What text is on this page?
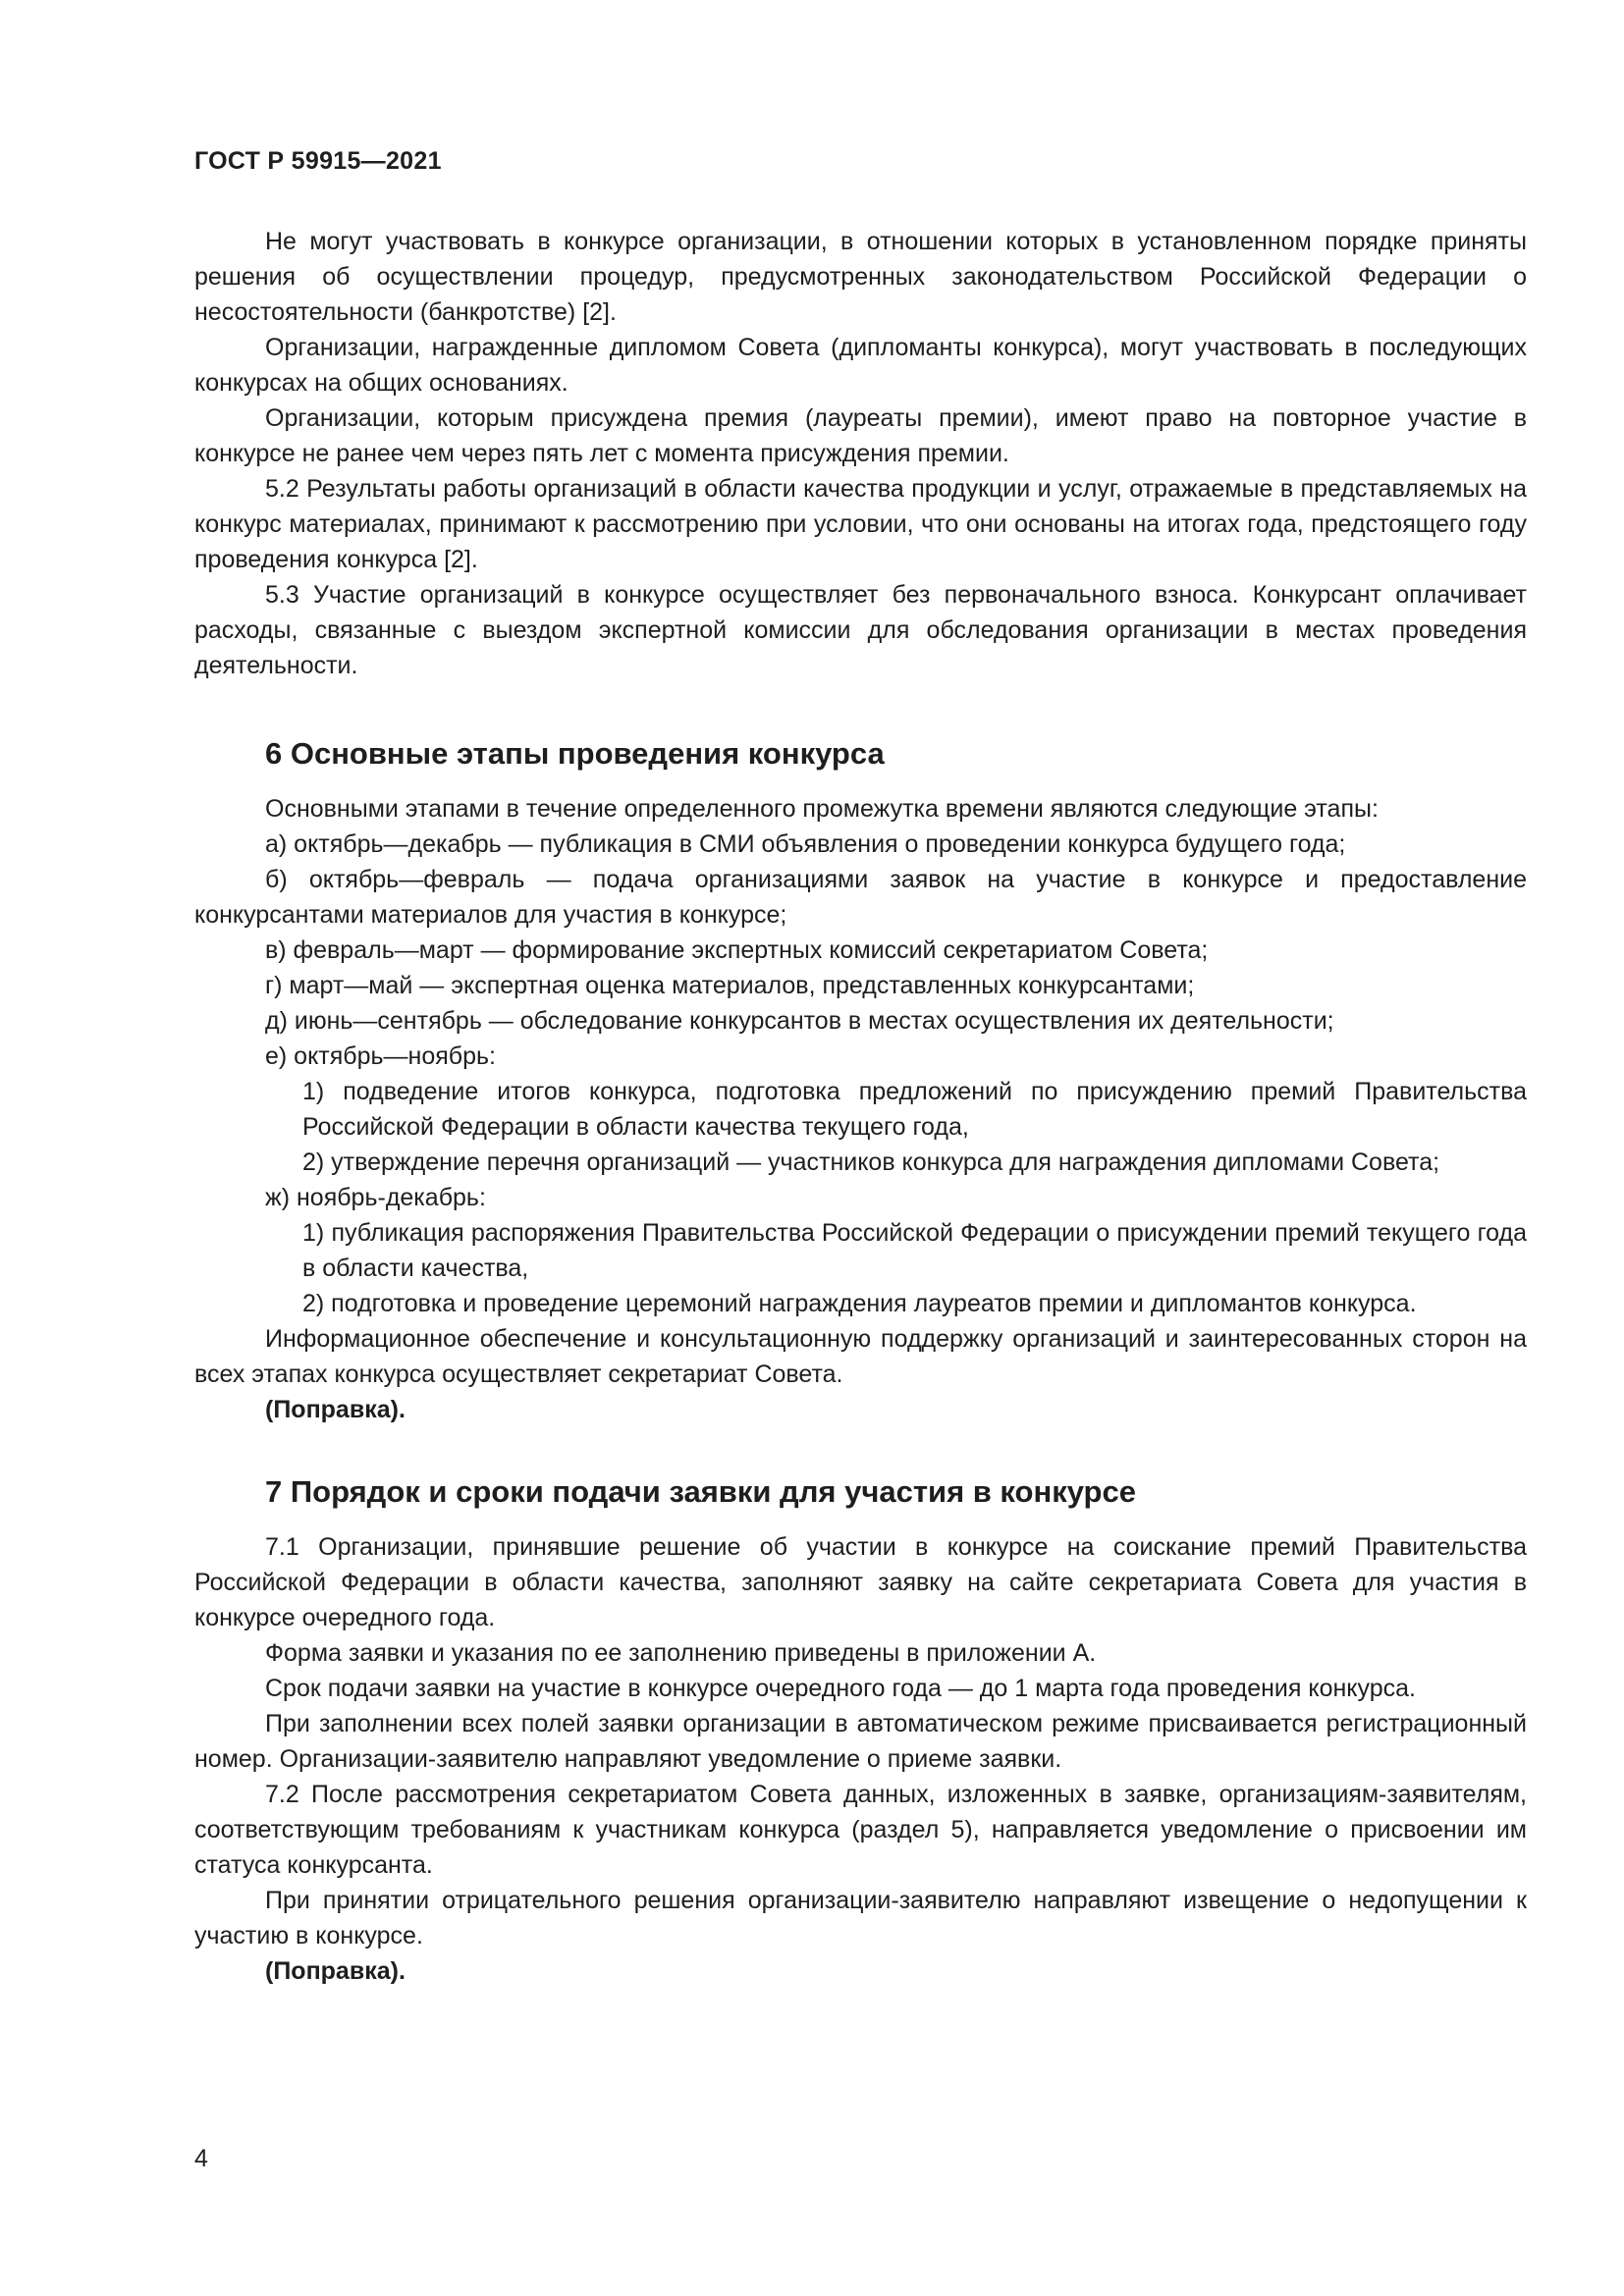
ГОСТ Р 59915—2021

Не могут участвовать в конкурсе организации, в отношении которых в установленном порядке приняты решения об осуществлении процедур, предусмотренных законодательством Российской Федерации о несостоятельности (банкротстве) [2].

Организации, награжденные дипломом Совета (дипломанты конкурса), могут участвовать в последующих конкурсах на общих основаниях.

Организации, которым присуждена премия (лауреаты премии), имеют право на повторное участие в конкурсе не ранее чем через пять лет с момента присуждения премии.

5.2 Результаты работы организаций в области качества продукции и услуг, отражаемые в представляемых на конкурс материалах, принимают к рассмотрению при условии, что они основаны на итогах года, предстоящего году проведения конкурса [2].

5.3 Участие организаций в конкурсе осуществляет без первоначального взноса. Конкурсант оплачивает расходы, связанные с выездом экспертной комиссии для обследования организации в местах проведения деятельности.

6 Основные этапы проведения конкурса

Основными этапами в течение определенного промежутка времени являются следующие этапы:

а) октябрь—декабрь — публикация в СМИ объявления о проведении конкурса будущего года;

б) октябрь—февраль — подача организациями заявок на участие в конкурсе и предоставление конкурсантами материалов для участия в конкурсе;

в) февраль—март — формирование экспертных комиссий секретариатом Совета;

г) март—май — экспертная оценка материалов, представленных конкурсантами;

д) июнь—сентябрь — обследование конкурсантов в местах осуществления их деятельности;

е) октябрь—ноябрь:

1) подведение итогов конкурса, подготовка предложений по присуждению премий Правительства Российской Федерации в области качества текущего года,

2) утверждение перечня организаций — участников конкурса для награждения дипломами Совета;

ж) ноябрь-декабрь:

1) публикация распоряжения Правительства Российской Федерации о присуждении премий текущего года в области качества,

2) подготовка и проведение церемоний награждения лауреатов премии и дипломантов конкурса.

Информационное обеспечение и консультационную поддержку организаций и заинтересованных сторон на всех этапах конкурса осуществляет секретариат Совета.

(Поправка).

7 Порядок и сроки подачи заявки для участия в конкурсе

7.1 Организации, принявшие решение об участии в конкурсе на соискание премий Правительства Российской Федерации в области качества, заполняют заявку на сайте секретариата Совета для участия в конкурсе очередного года.

Форма заявки и указания по ее заполнению приведены в приложении А.

Срок подачи заявки на участие в конкурсе очередного года — до 1 марта года проведения конкурса.

При заполнении всех полей заявки организации в автоматическом режиме присваивается регистрационный номер. Организации-заявителю направляют уведомление о приеме заявки.

7.2 После рассмотрения секретариатом Совета данных, изложенных в заявке, организациям-заявителям, соответствующим требованиям к участникам конкурса (раздел 5), направляется уведомление о присвоении им статуса конкурсанта.

При принятии отрицательного решения организации-заявителю направляют извещение о недопущении к участию в конкурсе.

(Поправка).

4
